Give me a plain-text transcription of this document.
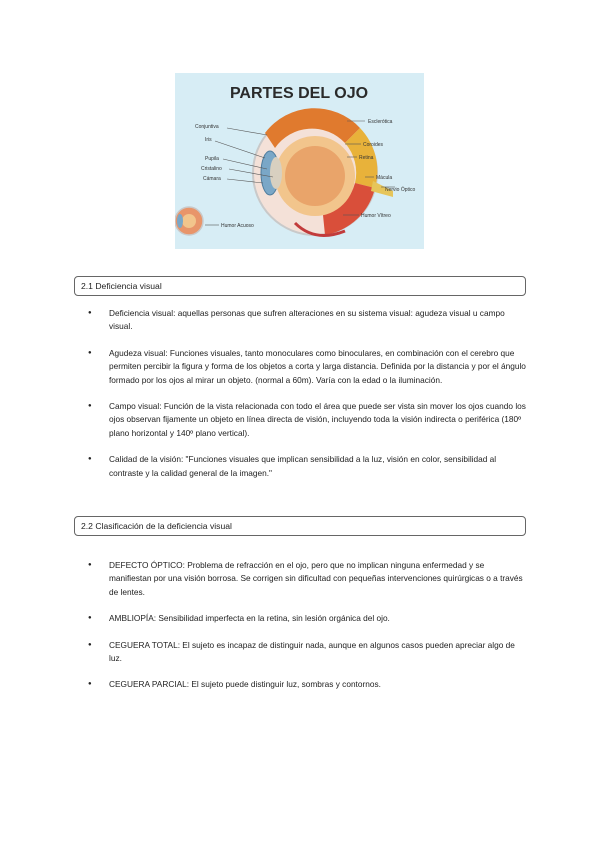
PARTES DEL OJO
Conjuntiva
Iris
Pupila
Cristalino
Cámara
Esclerótica
Coroides
Retina
Mácula
Nervio Óptico
Humor Vítreo
Humor Acuoso
2.1 Deficiencia visual
● Deficiencia visual: aquellas personas que sufren alteraciones en su sistema visual: agudeza visual u campo visual.
● Agudeza visual: Funciones visuales, tanto monoculares como binoculares, en combinación con el cerebro que permiten percibir la figura y forma de los objetos a corta y larga distancia. Definida por la distancia y por el ángulo formado por los ojos al mirar un objeto. (normal a 60m). Varía con la edad o la iluminación.
● Campo visual: Función de la vista relacionada con todo el área que puede ser vista sin mover los ojos cuando los ojos observan fijamente un objeto en línea directa de visión, incluyendo toda la visión indirecta o periférica (180º plano horizontal y 140º plano vertical).
● Calidad de la visión: "Funciones visuales que implican sensibilidad a la luz, visión en color, sensibilidad al contraste y la calidad general de la imagen."
2.2 Clasificación de la deficiencia visual
● DEFECTO ÓPTICO: Problema de refracción en el ojo, pero que no implican ninguna enfermedad y se manifiestan por una visión borrosa. Se corrigen sin dificultad con pequeñas intervenciones quirúrgicas o a través de lentes.
● AMBLIOPÍA: Sensibilidad imperfecta en la retina, sin lesión orgánica del ojo.
● CEGUERA TOTAL: El sujeto es incapaz de distinguir nada, aunque en algunos casos pueden apreciar algo de luz.
● CEGUERA PARCIAL: El sujeto puede distinguir luz, sombras y contornos.
